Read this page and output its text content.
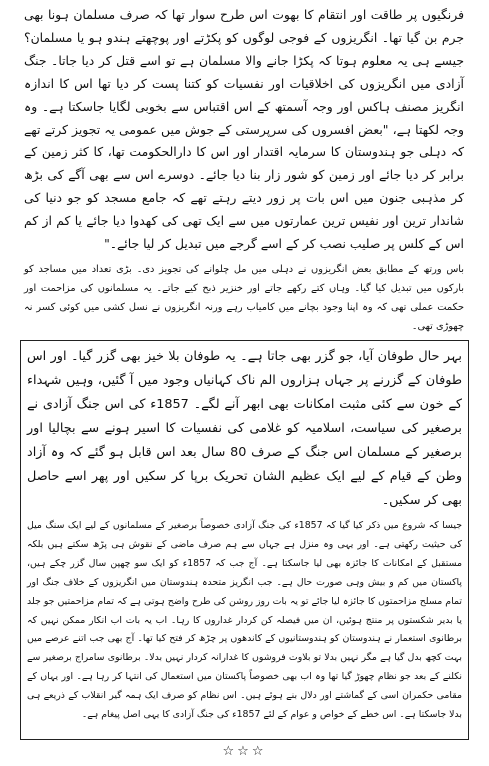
فرنگیوں پر طاقت اور انتقام کا بھوت اس طرح سوار تھا کہ صرف مسلمان ہونا بھی جرم بن گیا تھا۔ انگریزوں کے فوجی لوگوں کو پکڑتے اور پوچھتے ہندو ہو یا مسلمان؟ جیسے ہی یہ معلوم ہوتا کہ پکڑا جانے والا مسلمان ہے تو اسے قتل کر دیا جاتا۔ جنگ آزادی میں انگریزوں کی اخلاقیات اور نفسیات کو کتنا پست کر دیا تھا اس کا اندازہ انگریز مصنف ہاکس اور وجہ آسمتھ کے اس اقتباس سے بخوبی لگایا جاسکتا ہے۔ وہ وجہ لکھتا ہے، "بعض افسروں کی سرپرستی کے جوش میں عمومی یہ تجویز کرتے تھے کہ دہلی جو ہندوستان کا سرمایہ اقتدار اور اس کا دارالحکومت تھا، کا کثر زمین کے برابر کر دیا جائے اور زمین کو شور زار بنا دیا جائے۔ دوسرے اس سے بھی آگے کی بڑھ کر مذہبی جنون میں اس بات پر زور دیتے رہتے تھے کہ جامع مسجد کو جو دنیا کی شاندار ترین اور نفیس ترین عمارتوں میں سے ایک تھی کی کھدوا دیا جائے یا کم از کم اس کے کلس پر صلیب نصب کر کے اسے گرجے میں تبدیل کر لیا جائے۔"

باس ورتھ کے مطابق بعض انگریزوں نے دہلی میں مل چلوانے کی تجویز دی۔ بڑی تعداد میں مساجد کو بارکوں میں تبدیل کیا گیا۔ وہاں کتے رکھے جاتے اور خنزیر ذبح کیے جاتے۔ یہ مسلمانوں کی مزاحمت اور حکمت عملی تھی کہ وہ اپنا وجود بچانے میں کامیاب رہے ورنہ انگریزوں نے نسل کشی میں کوئی کسر نہ چھوڑی تھی۔

بہر حال طوفان آیا، جو گزر بھی جاتا ہے۔ یہ طوفان بلا خیز بھی گزر گیا۔ اور اس طوفان کے گزرنے پر جہاں ہزاروں الم ناک کہانیاں وجود میں آ گئیں، وہیں شہداء کے خون سے کئی مثبت امکانات بھی ابھر آنے لگے۔ 1857ء کی اس جنگ آزادی نے برصغیر کی سیاست، اسلامیہ کو غلامی کی نفسیات کا اسیر ہونے سے بچالیا اور برصغیر کے مسلمان اس جنگ کے صرف 80 سال بعد اس قابل ہو گئے کہ وہ آزاد وطن کے قیام کے لیے ایک عظیم الشان تحریک برپا کر سکیں اور پھر اسے حاصل بھی کر سکیں۔

جیسا کہ شروع میں ذکر کیا گیا کہ 1857ء کی جنگ آزادی خصوصاً برصغیر کے مسلمانوں کے لیے ایک سنگ میل کی حیثیت رکھتی ہے۔ اور یہی وہ منزل ہے جہاں سے ہم صرف ماضی کے نقوش ہی پڑھ سکتے ہیں بلکہ مستقبل کے امکانات کا جائزہ بھی لیا جاسکتا ہے۔ آج جب کہ 1857ء کو ایک سو چھپن سال گزر چکے ہیں، پاکستان میں کم و بیش وہی صورت حال ہے۔ جب انگریز متحدہ ہندوستان میں انگریزوں کے خلاف جنگ اور تمام مسلح مزاحمتوں کا جائزہ لیا جائے تو یہ بات روز روشن کی طرح واضح ہوتی ہے کہ تمام مزاحمتیں جو جلد یا بدیر شکستوں پر منتج ہوئیں، ان میں فیصلہ کن کردار غداروں کا رہا۔ اب یہ بات اب انکار ممکن نہیں کہ برطانوی استعمار نے ہندوستان کو ہندوستانیوں کے کاندھوں پر چڑھ کر فتح کیا تھا۔ آج بھی جب اتنے عرصے میں بہت کچھ بدل گیا ہے مگر نہیں بدلا تو بلاوت فروشوں کا غدارانہ کردار نہیں بدلا۔ برطانوی سامراج برصغیر سے نکلنے کے بعد جو نظام چھوڑ گیا تھا وہ اب بھی خصوصاً پاکستان میں استعمال کی انتہا کر رہا ہے۔ اور یہاں کے مقامی حکمران اسی کے گماشتے اور دلال بنے ہوئے ہیں۔ اس نظام کو صرف ایک ہمہ گیر انقلاب کے ذریعے ہی بدلا جاسکتا ہے۔ اس خطے کے خواص و عوام کے لئے 1857ء کی جنگ آزادی کا یہی اصل پیغام ہے۔

☆☆☆
